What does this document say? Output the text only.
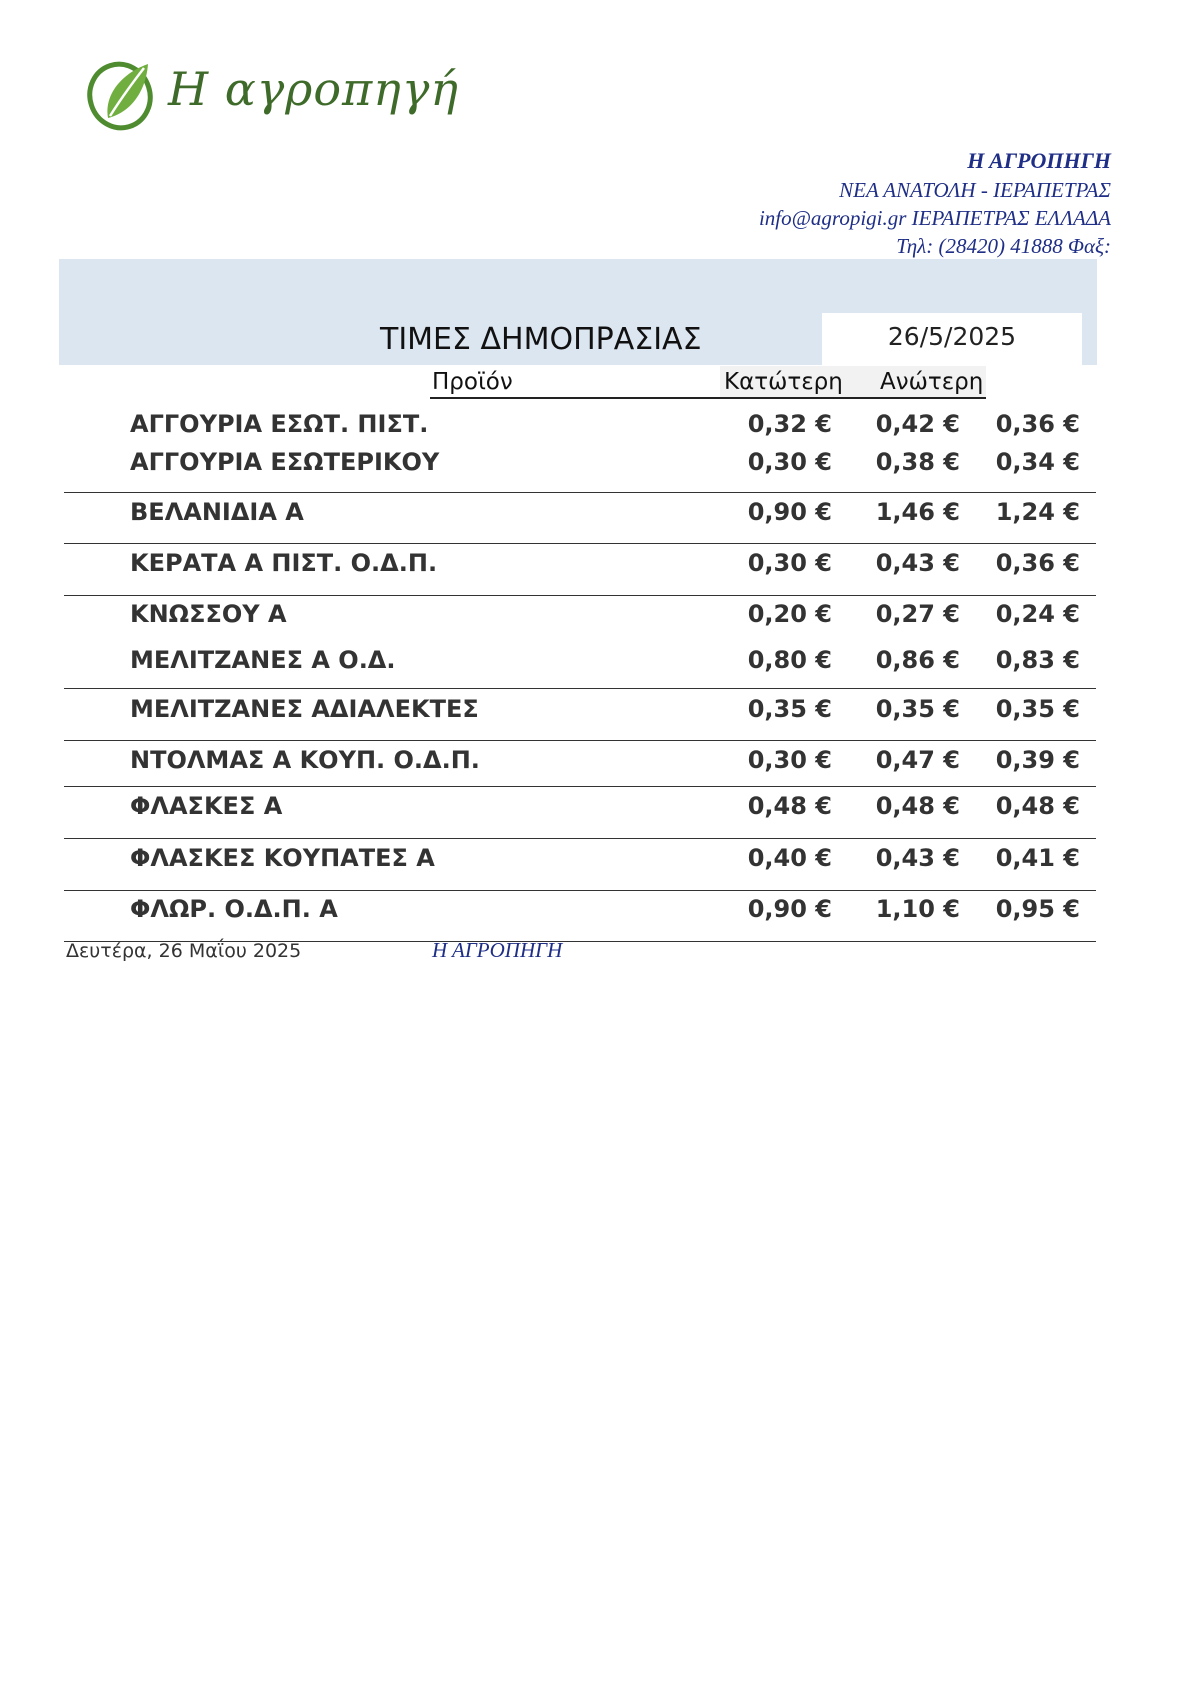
Η αγροπηγή
Η ΑΓΡΟΠΗΓΗ
ΝΕΑ ΑΝΑΤΟΛΗ - ΙΕΡΑΠΕΤΡΑΣ
info@agropigi.gr ΙΕΡΑΠΕΤΡΑΣ ΕΛΛΑΔΑ
Τηλ: (28420) 41888 Φαξ:
ΤΙΜΕΣ ΔΗΜΟΠΡΑΣΙΑΣ	26/5/2025
Προϊόν	Κατώτερη Ανώτερη
ΑΓΓΟΥΡΙΑ ΕΣΩΤ. ΠΙΣΤ.	0,32 €	0,42 €	0,36 €
ΑΓΓΟΥΡΙΑ ΕΣΩΤΕΡΙΚΟΥ	0,30 €	0,38 €	0,34 €
ΒΕΛΑΝΙΔΙΑ Α	0,90 €	1,46 €	1,24 €
ΚΕΡΑΤΑ Α ΠΙΣΤ. Ο.Δ.Π.	0,30 €	0,43 €	0,36 €
ΚΝΩΣΣΟΥ Α	0,20 €	0,27 €	0,24 €
ΜΕΛΙΤΖΑΝΕΣ Α Ο.Δ.	0,80 €	0,86 €	0,83 €
ΜΕΛΙΤΖΑΝΕΣ ΑΔΙΑΛΕΚΤΕΣ	0,35 €	0,35 €	0,35 €
ΝΤΟΛΜΑΣ Α ΚΟΥΠ. Ο.Δ.Π.	0,30 €	0,47 €	0,39 €
ΦΛΑΣΚΕΣ Α	0,48 €	0,48 €	0,48 €
ΦΛΑΣΚΕΣ ΚΟΥΠΑΤΕΣ Α	0,40 €	0,43 €	0,41 €
ΦΛΩΡ. Ο.Δ.Π. Α	0,90 €	1,10 €	0,95 €
Δευτέρα, 26 Μαΐου 2025	Η ΑΓΡΟΠΗΓΗ
